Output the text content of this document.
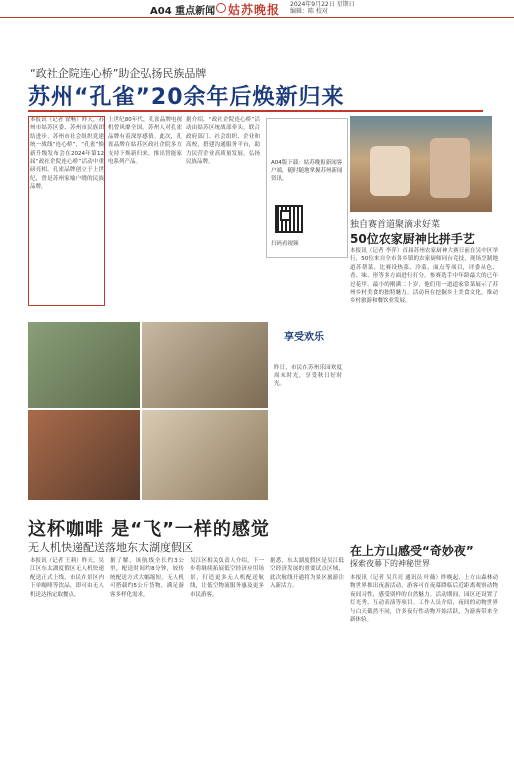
A04 重点新闻 姑苏晚报 2024年9月22日 星期日
编辑：陈 校对
“政社企院连心桥”助企弘扬民族品牌
苏州“孔雀”20余年后焕新归来
本报讯（记者 徐畅）昨天，苏州市姑苏区委、苏州市民族团结进步、苏州市社会组织党建统一战线“连心桥”，“孔雀”焕新升级发布会在2024年第12届“政社企院连心桥”活动中重磅亮相。孔雀品牌创立于上世纪，曾是苏州家喻户晓的民族品牌。
上世纪80年代，孔雀品牌电视机曾风靡全国。苏州人对孔雀品牌有着深厚感情。此次，孔雀品牌在姑苏区政社企院多方支持下焕新归来，推出智能家电系列产品。
据介绍，“政社企院连心桥”活动由姑苏区统战部牵头，联合政府部门、社会组织、企业和高校，搭建沟通服务平台，助力民营企业高质量发展，弘扬民族品牌。	A04版下载：姑苏晚报新闻客户端，随时随地掌握苏州新闻资讯。
扫码看视频
独自赛首道聚滴求好菜
50位农家厨神比拼手艺
本报讯（记者 李萍）首届苏州农家厨神大赛日前在吴中区举行，50位来自全市各乡镇的农家厨师同台竞技，现场烹制地道苏帮菜。比赛设热菜、冷菜、面点等项目，评委从色、香、味、形等多方面进行打分。参赛选手中年龄最大的已年过花甲，最小的刚满二十岁，他们用一道道家常菜展示了苏州乡村美食的独特魅力。活动旨在挖掘乡土美食文化，推动乡村旅游和餐饮业发展。
享受欢乐
昨日，市民在苏州乐园欢度周末时光，享受秋日好时光。
这杯咖啡 是“飞”一样的感觉
无人机快递配送落地东太湖度假区
本报讯（记者 王莉）昨天，吴江区东太湖度假区无人机快递配送正式上线，市民在景区内下单咖啡等饮品，即可由无人机送达指定取餐点。
据了解，该航线全长约3公里，配送时间约8分钟，较传统配送方式大幅缩短。无人机可搭载约5公斤货物，满足游客多样化需求。
吴江区相关负责人介绍，下一步将继续拓展低空经济应用场景，打造更多无人机配送航线，让低空物流服务惠及更多市民游客。
据悉，东太湖度假区是吴江低空经济发展的重要试点区域，此次航线开通将为景区旅游注入新活力。
在上方山感受“奇妙夜”
探索夜幕下的神秘世界
本报讯（记者 吴兵亮 通讯员 叶薇）昨晚起，上方山森林动物世界推出夜游活动，游客可在夜幕降临后近距离观察动物夜间习性，感受别样的自然魅力。活动期间，园区还设置了灯光秀、互动表演等项目。工作人员介绍，夜间的动物世界与白天截然不同，许多夜行性动物开始活跃，为游客带来全新体验。
